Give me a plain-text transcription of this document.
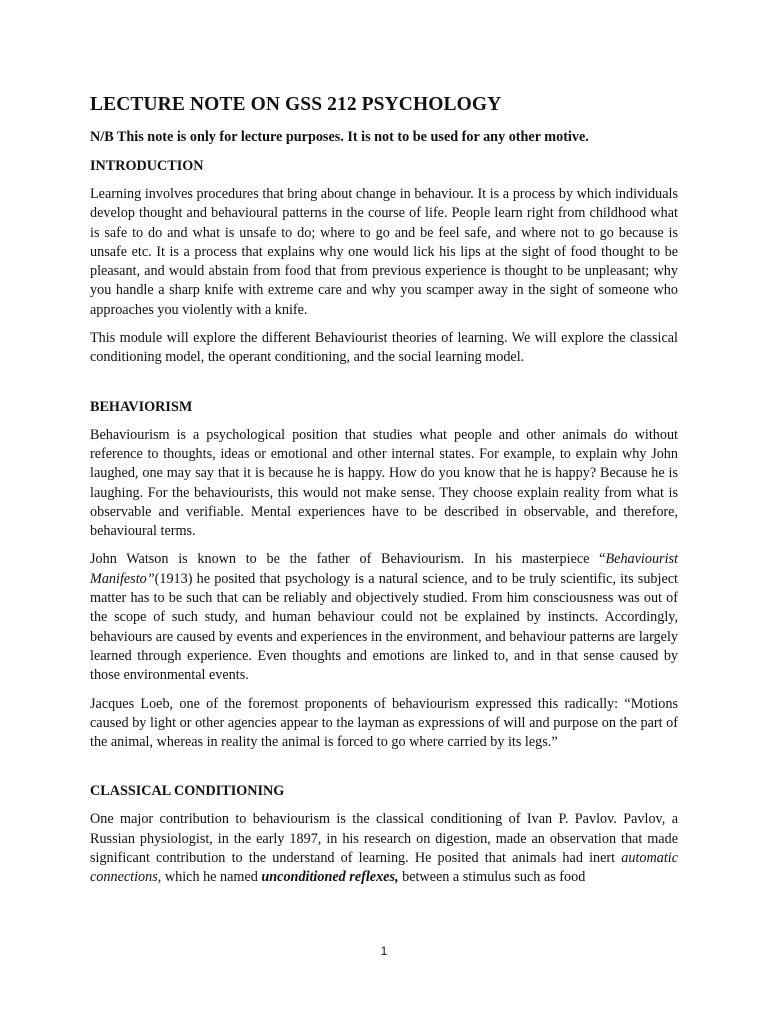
LECTURE NOTE ON GSS 212 PSYCHOLOGY
N/B This note is only for lecture purposes. It is not to be used for any other motive.
INTRODUCTION

Learning involves procedures that bring about change in behaviour. It is a process by which individuals develop thought and behavioural patterns in the course of life. People learn right from childhood what is safe to do and what is unsafe to do; where to go and be feel safe, and where not to go because is unsafe etc. It is a process that explains why one would lick his lips at the sight of food thought to be pleasant, and would abstain from food that from previous experience is thought to be unpleasant; why you handle a sharp knife with extreme care and why you scamper away in the sight of someone who approaches you violently with a knife.

This module will explore the different Behaviourist theories of learning. We will explore the classical conditioning model, the operant conditioning, and the social learning model.

BEHAVIORISM

Behaviourism is a psychological position that studies what people and other animals do without reference to thoughts, ideas or emotional and other internal states. For example, to explain why John laughed, one may say that it is because he is happy. How do you know that he is happy? Because he is laughing. For the behaviourists, this would not make sense. They choose explain reality from what is observable and verifiable. Mental experiences have to be described in observable, and therefore, behavioural terms.

John Watson is known to be the father of Behaviourism. In his masterpiece “Behaviourist Manifesto”(1913) he posited that psychology is a natural science, and to be truly scientific, its subject matter has to be such that can be reliably and objectively studied. From him consciousness was out of the scope of such study, and human behaviour could not be explained by instincts. Accordingly, behaviours are caused by events and experiences in the environment, and behaviour patterns are largely learned through experience. Even thoughts and emotions are linked to, and in that sense caused by those environmental events.

Jacques Loeb, one of the foremost proponents of behaviourism expressed this radically: “Motions caused by light or other agencies appear to the layman as expressions of will and purpose on the part of the animal, whereas in reality the animal is forced to go where carried by its legs.”

CLASSICAL CONDITIONING

One major contribution to behaviourism is the classical conditioning of Ivan P. Pavlov. Pavlov, a Russian physiologist, in the early 1897, in his research on digestion, made an observation that made significant contribution to the understand of learning. He posited that animals had inert automatic connections, which he named unconditioned reflexes, between a stimulus such as food

1
